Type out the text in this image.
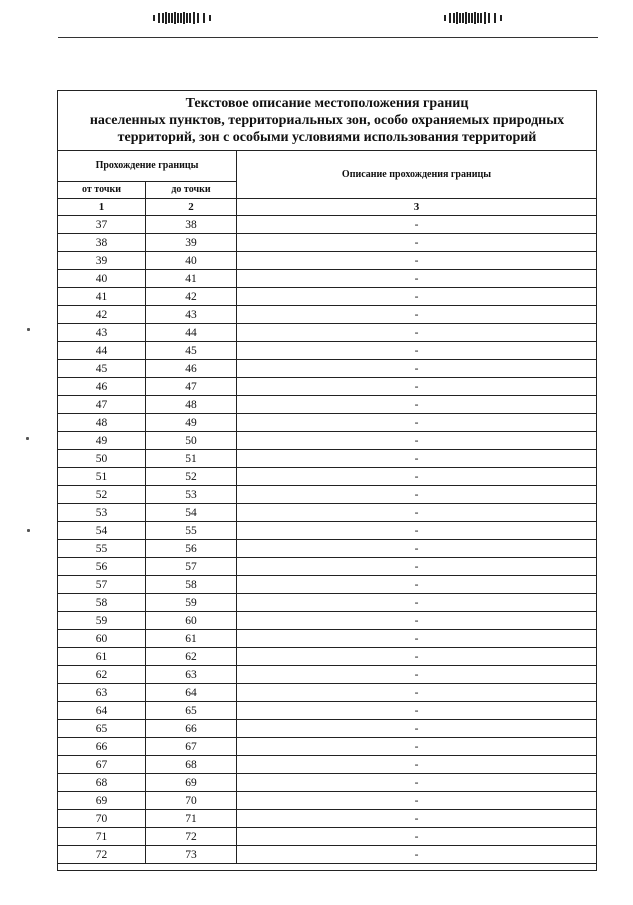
Текстовое описание местоположения границ
населенных пунктов, территориальных зон, особо охраняемых природных
территорий, зон с особыми условиями использования территорий		

Прохождение границы		Описание прохождения границы
от точки	до точки	
1	2	3
37	38	-
38	39	-
39	40	-
40	41	-
41	42	-
42	43	-
43	44	-
44	45	-
45	46	-
46	47	-
47	48	-
48	49	-
49	50	-
50	51	-
51	52	-
52	53	-
53	54	-
54	55	-
55	56	-
56	57	-
57	58	-
58	59	-
59	60	-
60	61	-
61	62	-
62	63	-
63	64	-
64	65	-
65	66	-
66	67	-
67	68	-
68	69	-
69	70	-
70	71	-
71	72	-
72	73	-
